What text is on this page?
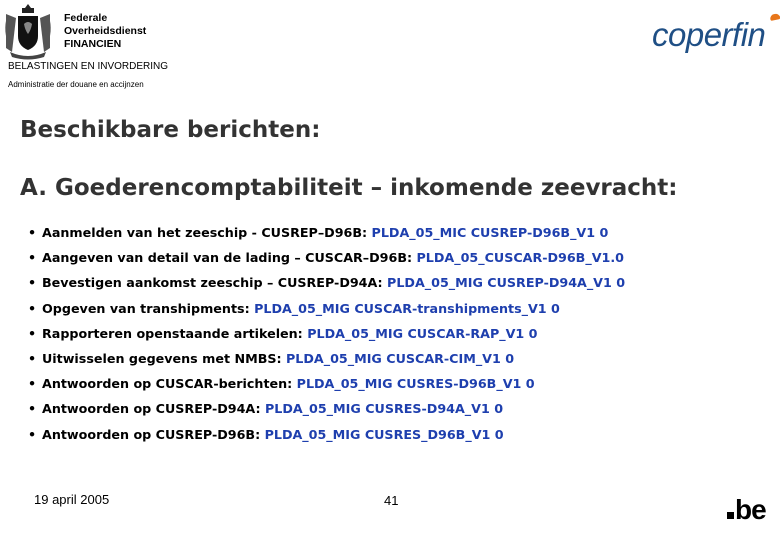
Federale
Overheidsdienst
FINANCIEN
BELASTINGEN EN INVORDERING
Administratie der douane en accijnzen
coperfin
Beschikbare berichten:
A. Goederencomptabiliteit – inkomende zeevracht:
• Aanmelden van het zeeschip - CUSREP–D96B: PLDA_05_MIC CUSREP-D96B_V1 0
• Aangeven van detail van de lading – CUSCAR–D96B: PLDA_05_CUSCAR-D96B_V1.0
• Bevestigen aankomst zeeschip – CUSREP-D94A: PLDA_05_MIG CUSREP-D94A_V1 0
• Opgeven van transhipments: PLDA_05_MIG CUSCAR-transhipments_V1 0
• Rapporteren openstaande artikelen: PLDA_05_MIG CUSCAR-RAP_V1 0
• Uitwisselen gegevens met NMBS: PLDA_05_MIG CUSCAR-CIM_V1 0
• Antwoorden op CUSCAR-berichten: PLDA_05_MIG CUSRES-D96B_V1 0
• Antwoorden op CUSREP-D94A: PLDA_05_MIG CUSRES-D94A_V1 0
• Antwoorden op CUSREP-D96B: PLDA_05_MIG CUSRES_D96B_V1 0
19 april 2005	41	be
